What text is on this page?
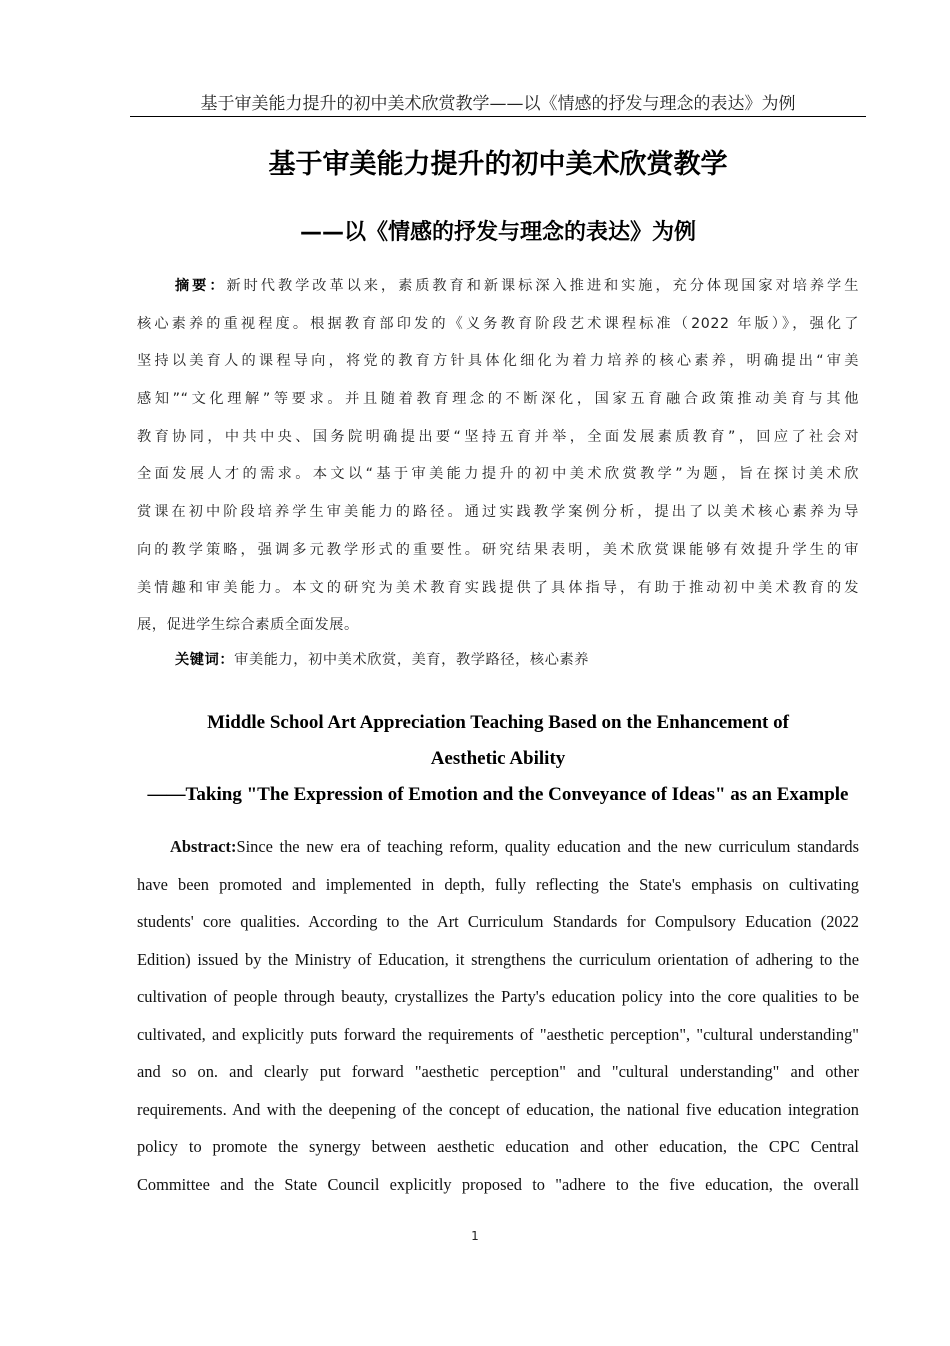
基于审美能力提升的初中美术欣赏教学——以《情感的抒发与理念的表达》为例
基于审美能力提升的初中美术欣赏教学
——以《情感的抒发与理念的表达》为例
摘要：新时代教学改革以来，素质教育和新课标深入推进和实施，充分体现国家对培养学生
核心素养的重视程度。根据教育部印发的《义务教育阶段艺术课程标准（2022 年版）》，强化了
坚持以美育人的课程导向，将党的教育方针具体化细化为着力培养的核心素养，明确提出“审美
感知”“文化理解”等要求。并且随着教育理念的不断深化，国家五育融合政策推动美育与其他
教育协同，中共中央、国务院明确提出要“坚持五育并举，全面发展素质教育”，回应了社会对
全面发展人才的需求。本文以“基于审美能力提升的初中美术欣赏教学”为题，旨在探讨美术欣
赏课在初中阶段培养学生审美能力的路径。通过实践教学案例分析，提出了以美术核心素养为导
向的教学策略，强调多元教学形式的重要性。研究结果表明，美术欣赏课能够有效提升学生的审
美情趣和审美能力。本文的研究为美术教育实践提供了具体指导，有助于推动初中美术教育的发
展，促进学生综合素质全面发展。
关键词：审美能力，初中美术欣赏，美育，教学路径，核心素养
Middle School Art Appreciation Teaching Based on the Enhancement of
Aesthetic Ability
——Taking "The Expression of Emotion and the Conveyance of Ideas" as an Example
Abstract:Since the new era of teaching reform, quality education and the new curriculum standards
have been promoted and implemented in depth, fully reflecting the State's emphasis on cultivating
students' core qualities. According to the Art Curriculum Standards for Compulsory Education (2022
Edition) issued by the Ministry of Education, it strengthens the curriculum orientation of adhering to the
cultivation of people through beauty, crystallizes the Party's education policy into the core qualities to be
cultivated, and explicitly puts forward the requirements of "aesthetic perception", "cultural understanding"
and so on. and clearly put forward "aesthetic perception" and "cultural understanding" and other
requirements. And with the deepening of the concept of education, the national five education integration
policy to promote the synergy between aesthetic education and other education, the CPC Central
Committee and the State Council explicitly proposed to "adhere to the five education, the overall
1
